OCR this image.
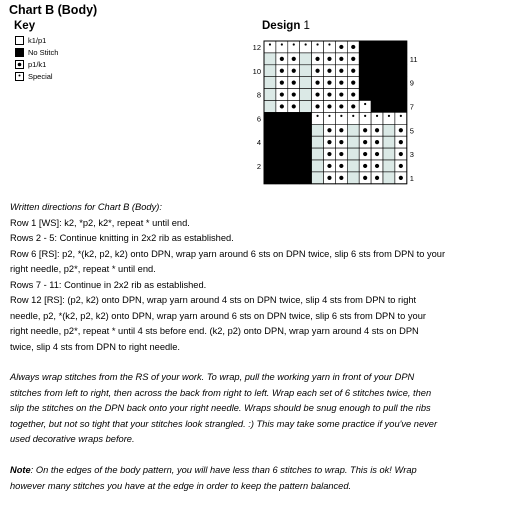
Chart B (Body)
Key
k1/p1
No Stitch
p1/k1
Special
Design 1
12
10
8
6
4
2
11
9
7
5
3
1
Written directions for Chart B (Body):
Row 1 [WS]: k2, *p2, k2*, repeat * until end.
Rows 2 - 5: Continue knitting in 2x2 rib as established.
Row 6 [RS]: p2, *(k2, p2, k2) onto DPN, wrap yarn around 6 sts on DPN twice, slip 6 sts from DPN to your
right needle, p2*, repeat * until end.
Rows 7 - 11: Continue in 2x2 rib as established.
Row 12 [RS]: (p2, k2) onto DPN, wrap yarn around 4 sts on DPN twice, slip 4 sts from DPN to right
needle, p2, *(k2, p2, k2) onto DPN, wrap yarn around 6 sts on DPN twice, slip 6 sts from DPN to your
right needle, p2*, repeat * until 4 sts before end. (k2, p2) onto DPN, wrap yarn around 4 sts on DPN
twice, slip 4 sts from DPN to right needle.
Always wrap stitches from the RS of your work. To wrap, pull the working yarn in front of your DPN
stitches from left to right, then across the back from right to left. Wrap each set of 6 stitches twice, then
slip the stitches on the DPN back onto your right needle. Wraps should be snug enough to pull the ribs
together, but not so tight that your stitches look strangled. :) This may take some practice if you've never
used decorative wraps before.
Note: On the edges of the body pattern, you will have less than 6 stitches to wrap. This is ok! Wrap
however many stitches you have at the edge in order to keep the pattern balanced.
